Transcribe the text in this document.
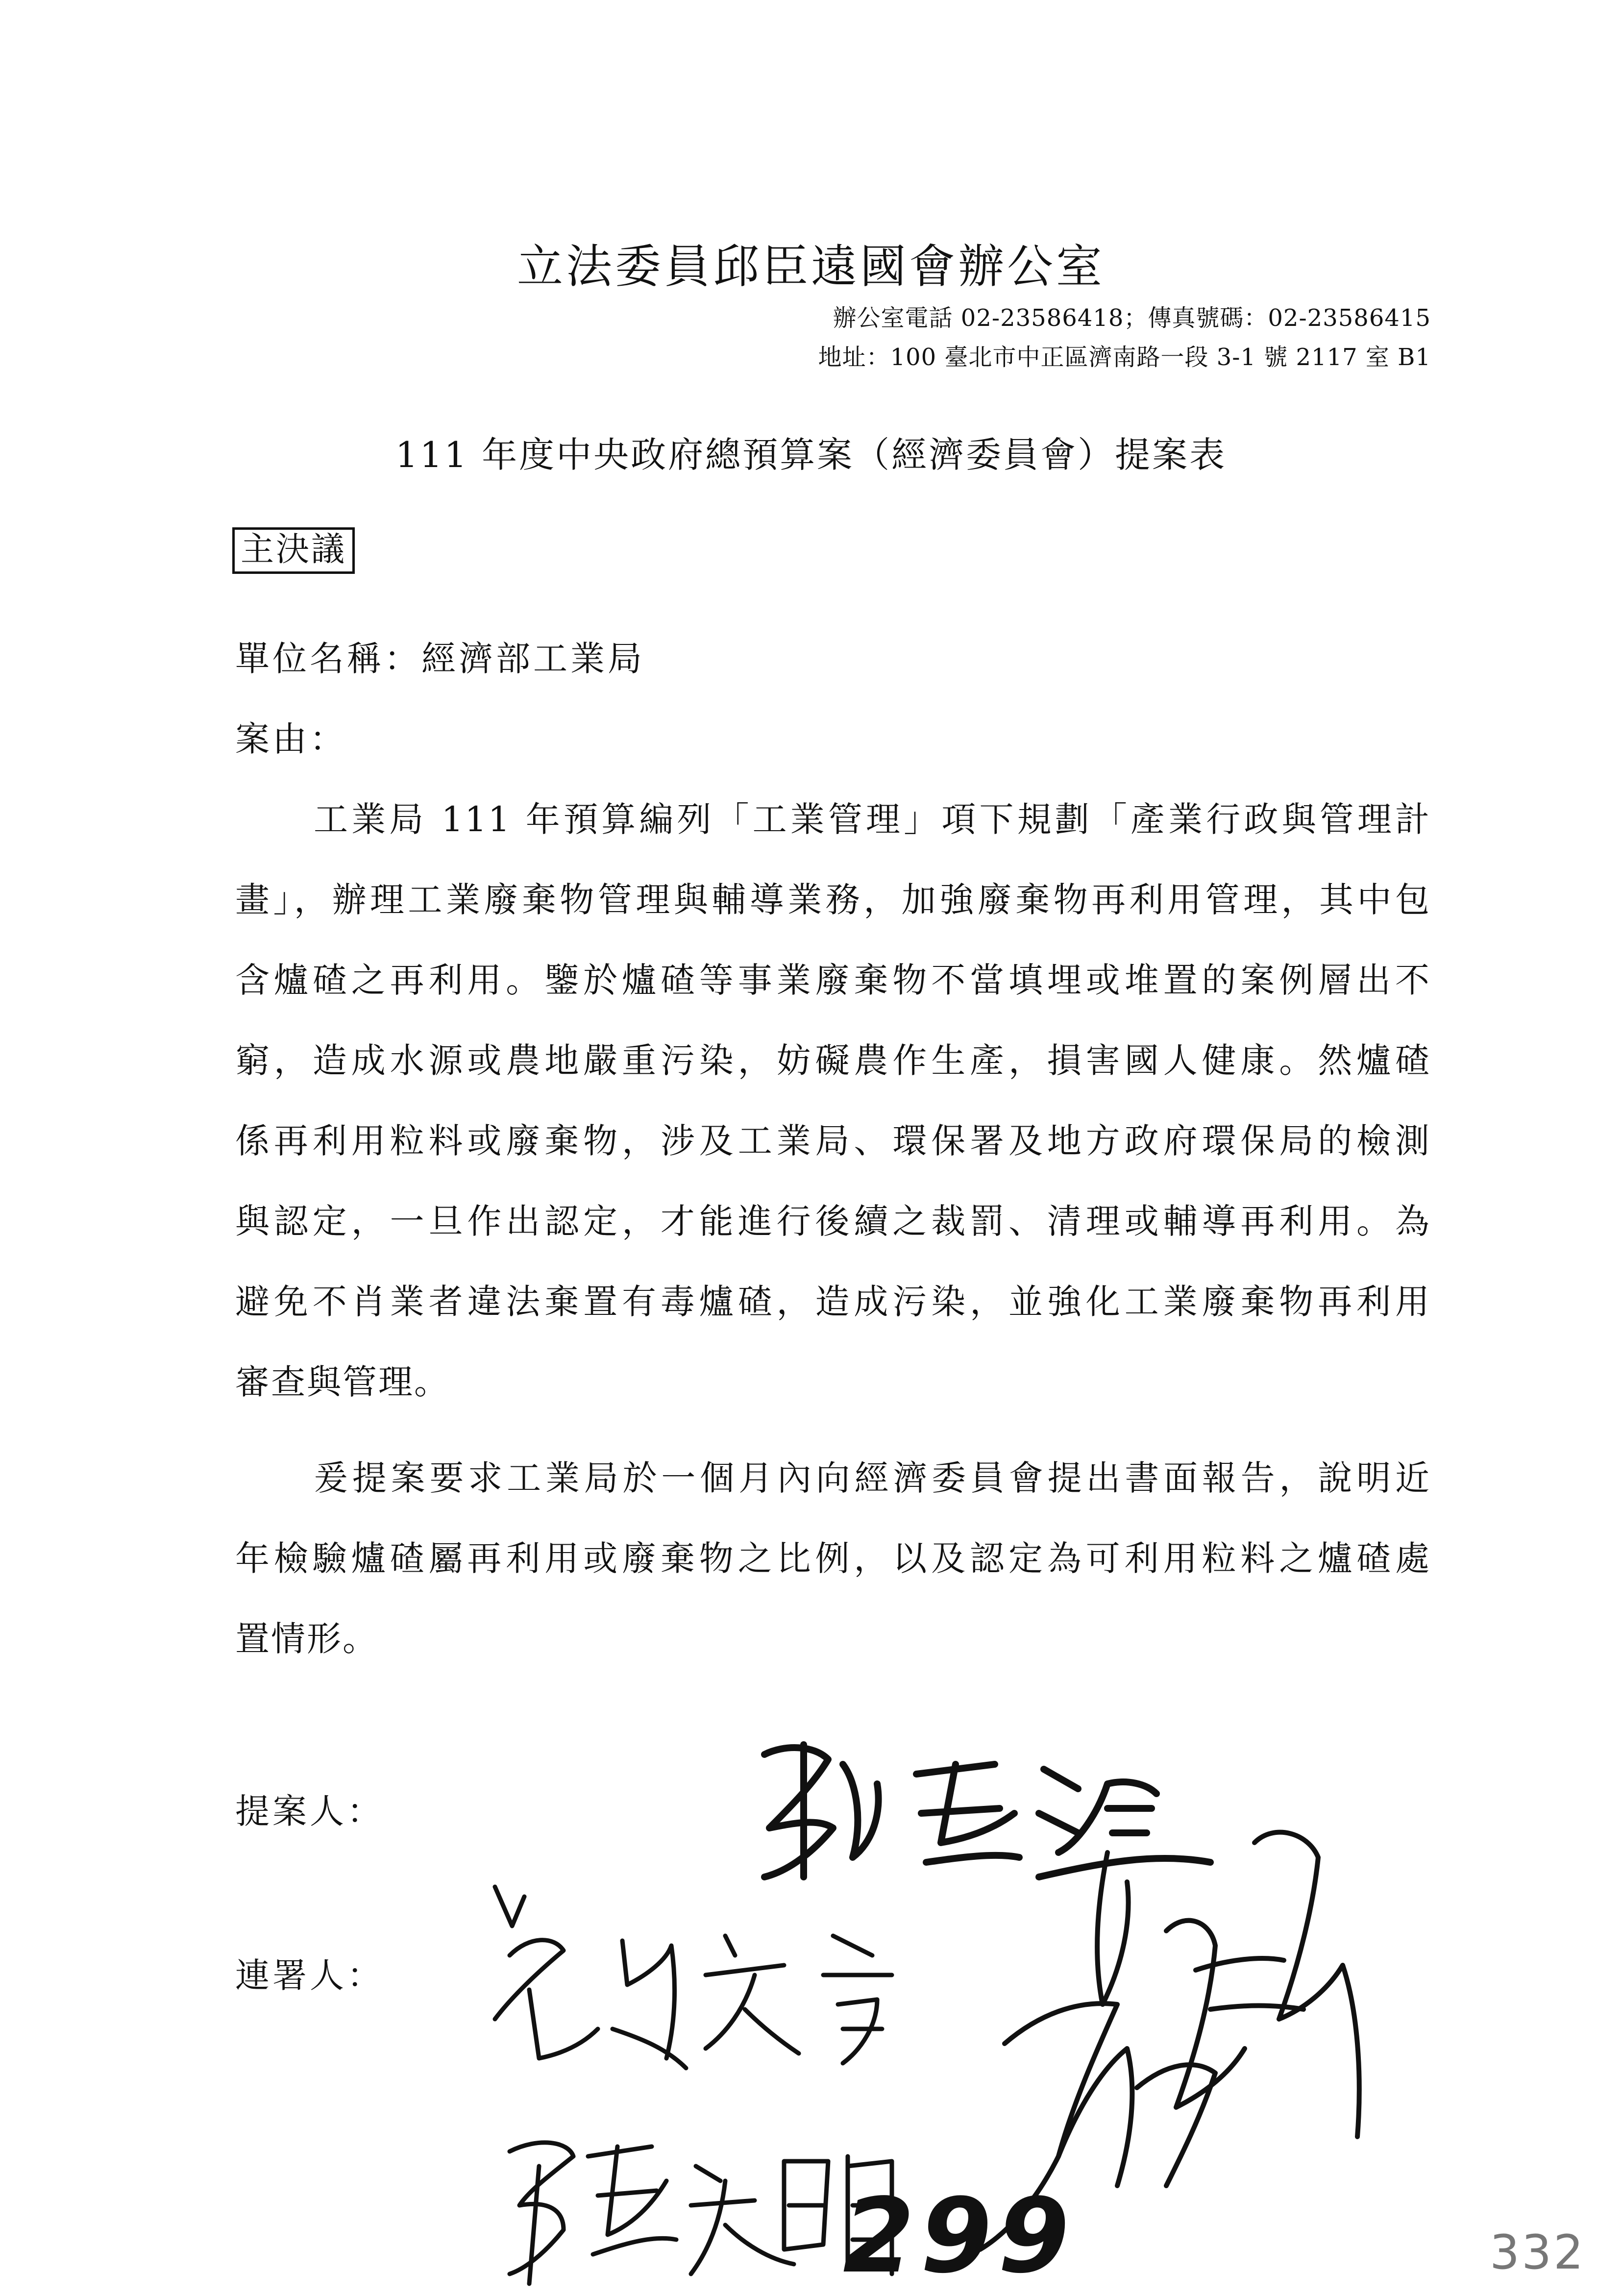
立法委員邱臣遠國會辦公室
辦公室電話 02-23586418；傳真號碼：02-23586415
地址：100 臺北市中正區濟南路一段 3-1 號 2117 室 B1
111 年度中央政府總預算案（經濟委員會）提案表
主決議
單位名稱：經濟部工業局
案由：
工業局 111 年預算編列「工業管理」項下規劃「產業行政與管理計
畫」，辦理工業廢棄物管理與輔導業務，加強廢棄物再利用管理，其中包
含爐碴之再利用。鑒於爐碴等事業廢棄物不當填埋或堆置的案例層出不
窮，造成水源或農地嚴重污染，妨礙農作生產，損害國人健康。然爐碴
係再利用粒料或廢棄物，涉及工業局、環保署及地方政府環保局的檢測
與認定，一旦作出認定，才能進行後續之裁罰、清理或輔導再利用。為
避免不肖業者違法棄置有毒爐碴，造成污染，並強化工業廢棄物再利用
審查與管理。
爰提案要求工業局於一個月內向經濟委員會提出書面報告，說明近
年檢驗爐碴屬再利用或廢棄物之比例，以及認定為可利用粒料之爐碴處
置情形。
提案人：
連署人：
299	332
